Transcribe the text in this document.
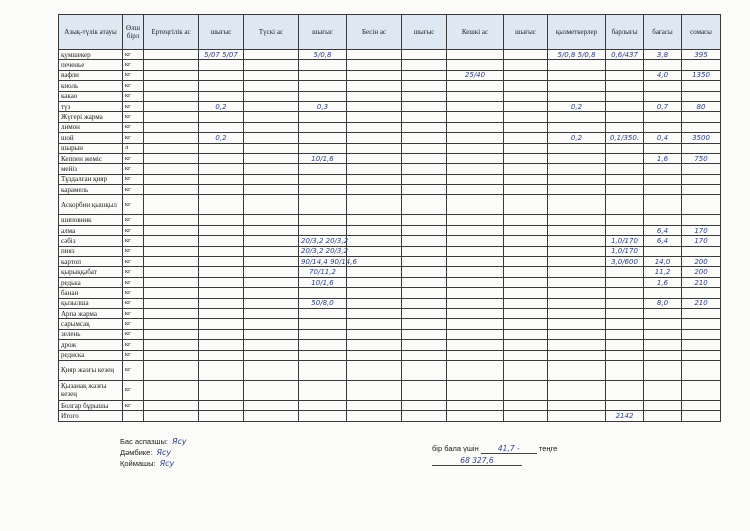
Азық-түлік атауы	Өлш бірл	Ертеңгілік ас	шығыс	Түскі ас	шығыс	Бесін ас	шығыс	Кешкі ас	шығыс	қызметкерлер	барлығы	бағасы	сомасы	
қүмшекер	кг		5/07 5/07		5/0,8					5/0,8 5/0,8	0,6/437	3,8	395	
печенье	кг													
вафли	кг							25/40				4,0	1350	
кноль	кг													
какао	кг													
түз	кг		0,2		0,3					0,2		0,7	80	
Жүгері жарма	кг													
лимон	кг													
шой	кг		0,2							0,2	0,1/350.	0,4	3500	
шырын	л													
Кеппен жеміс	кг				10/1,6							1,6	750	
мейіз	кг													
Тұздалған қияр	кг													
карамель	кг													
Аскорбин қышқыл	кг													
шиповник	кг													
алма	кг											6,4	170	
сәбіз	кг				20/3,2 20/3,2						1,0/170	6,4	170	
пияз	кг				20/3,2 20/3,2						1,0/170			
картоп	кг				90/14,4 90/14,6						3,0/600	14,0	200	
қырыққабат	кг				70/11,2							11,2	200	
редька	кг				10/1,6							1,6	210	
банан	кг													
қызылша	кг				50/8,0							8,0	210	
Арпа жарма	кг													
сарымсақ	кг													
зелень	кг													
дрож	кг													
редиска	кг													
Қияр жазғы кезең	кг													
Қызанақ жазғы кезең	кг													
Болгар бұрышы	кг													
Итого											2142			
Бас аспазшы: Ясу
Дәмбике: Ясу
Қоймашы: Ясу
бір бала үшін	41,7 -	теңге
68 327,6
